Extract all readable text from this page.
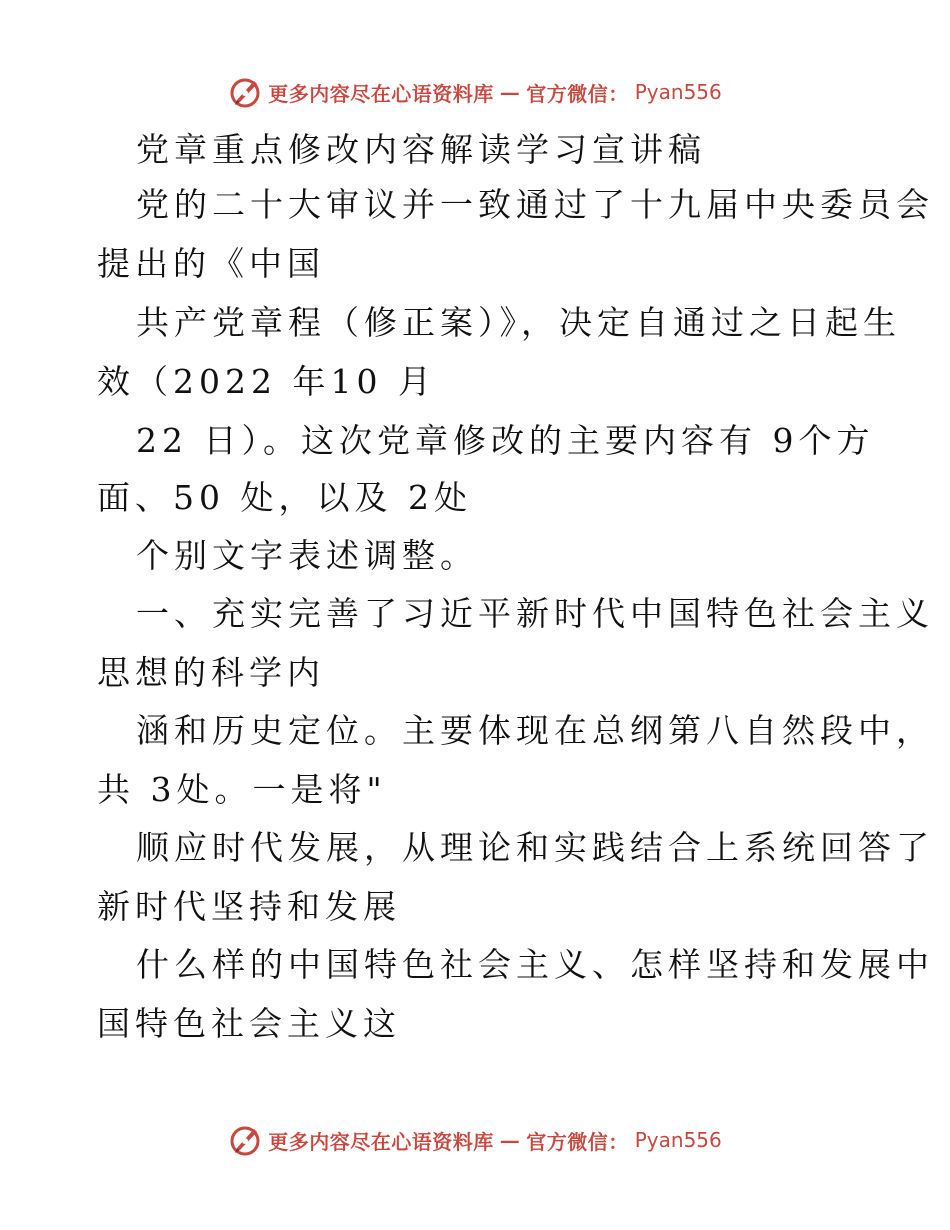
更多内容尽在心语资料库 — 官方微信： Pyan556
党章重点修改内容解读学习宣讲稿
党的二十大审议并一致通过了十九届中央委员会
提出的《中国
共产党章程（修正案）》，决定自通过之日起生
效（2022 年10 月
22 日）。这次党章修改的主要内容有 9个方
面、50 处，以及 2处
个别文字表述调整。
一、充实完善了习近平新时代中国特色社会主义
思想的科学内
涵和历史定位。主要体现在总纲第八自然段中，
共 3处。一是将"
顺应时代发展，从理论和实践结合上系统回答了
新时代坚持和发展
什么样的中国特色社会主义、怎样坚持和发展中
国特色社会主义这
更多内容尽在心语资料库 — 官方微信： Pyan556
